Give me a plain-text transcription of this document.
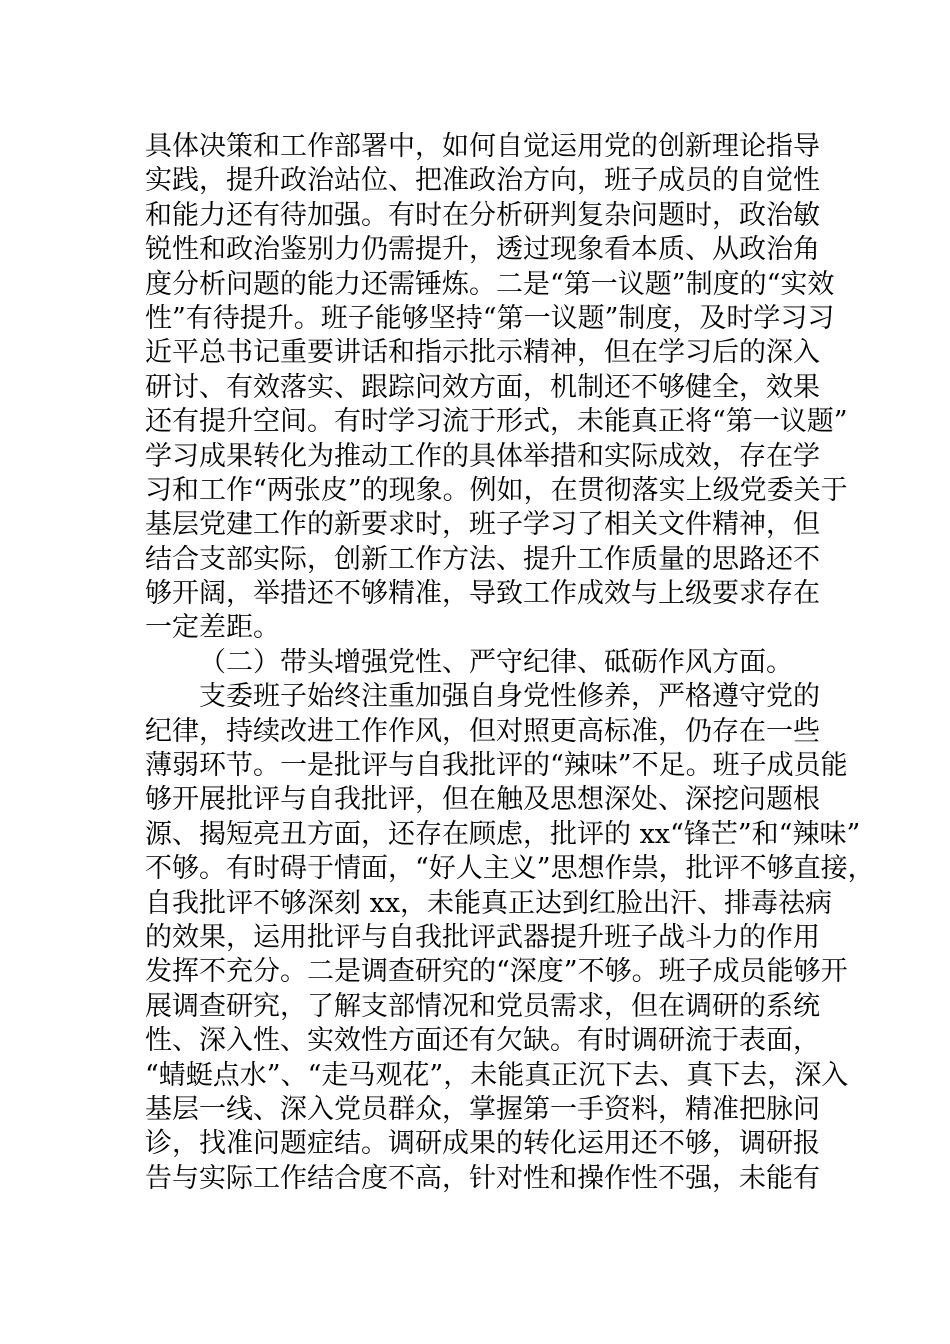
具体决策和工作部署中，如何自觉运用党的创新理论指导
实践，提升政治站位、把准政治方向，班子成员的自觉性
和能力还有待加强。有时在分析研判复杂问题时，政治敏
锐性和政治鉴别力仍需提升，透过现象看本质、从政治角
度分析问题的能力还需锤炼。二是“第一议题”制度的“实效
性”有待提升。班子能够坚持“第一议题”制度，及时学习习
近平总书记重要讲话和指示批示精神，但在学习后的深入
研讨、有效落实、跟踪问效方面，机制还不够健全，效果
还有提升空间。有时学习流于形式，未能真正将“第一议题”
学习成果转化为推动工作的具体举措和实际成效，存在学
习和工作“两张皮”的现象。例如，在贯彻落实上级党委关于
基层党建工作的新要求时，班子学习了相关文件精神，但
结合支部实际，创新工作方法、提升工作质量的思路还不
够开阔，举措还不够精准，导致工作成效与上级要求存在
一定差距。
（二）带头增强党性、严守纪律、砥砺作风方面。
支委班子始终注重加强自身党性修养，严格遵守党的
纪律，持续改进工作作风，但对照更高标准，仍存在一些
薄弱环节。一是批评与自我批评的“辣味”不足。班子成员能
够开展批评与自我批评，但在触及思想深处、深挖问题根
源、揭短亮丑方面，还存在顾虑，批评的 xx“锋芒”和“辣味”
不够。有时碍于情面，“好人主义”思想作祟，批评不够直接，
自我批评不够深刻 xx，未能真正达到红脸出汗、排毒祛病
的效果，运用批评与自我批评武器提升班子战斗力的作用
发挥不充分。二是调查研究的“深度”不够。班子成员能够开
展调查研究，了解支部情况和党员需求，但在调研的系统
性、深入性、实效性方面还有欠缺。有时调研流于表面，
“蜻蜓点水”、“走马观花”，未能真正沉下去、真下去，深入
基层一线、深入党员群众，掌握第一手资料，精准把脉问
诊，找准问题症结。调研成果的转化运用还不够，调研报
告与实际工作结合度不高，针对性和操作性不强，未能有
